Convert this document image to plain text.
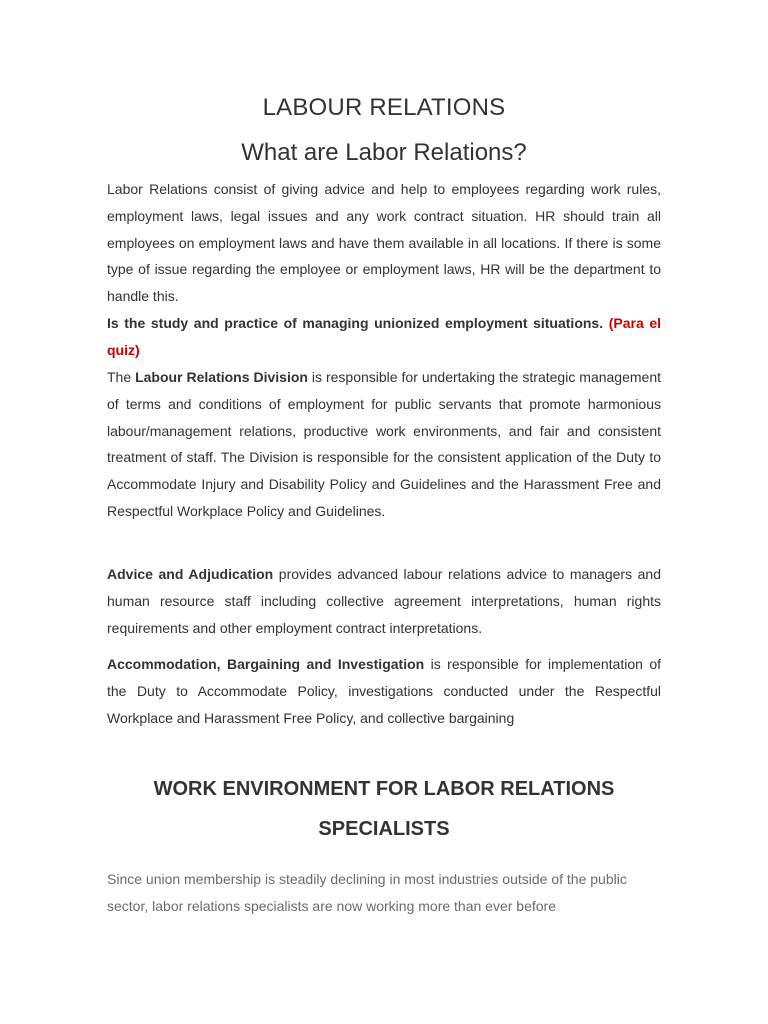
LABOUR RELATIONS
What are Labor Relations?

Labor Relations consist of giving advice and help to employees regarding work rules, employment laws, legal issues and any work contract situation. HR should train all employees on employment laws and have them available in all locations. If there is some type of issue regarding the employee or employment laws, HR will be the department to handle this.

Is the study and practice of managing unionized employment situations. (Para el quiz)

The Labour Relations Division is responsible for undertaking the strategic management of terms and conditions of employment for public servants that promote harmonious labour/management relations, productive work environments, and fair and consistent treatment of staff. The Division is responsible for the consistent application of the Duty to Accommodate Injury and Disability Policy and Guidelines and the Harassment Free and Respectful Workplace Policy and Guidelines.

Advice and Adjudication provides advanced labour relations advice to managers and human resource staff including collective agreement interpretations, human rights requirements and other employment contract interpretations.

Accommodation, Bargaining and Investigation is responsible for implementation of the Duty to Accommodate Policy, investigations conducted under the Respectful Workplace and Harassment Free Policy, and collective bargaining

WORK ENVIRONMENT FOR LABOR RELATIONS SPECIALISTS

Since union membership is steadily declining in most industries outside of the public sector, labor relations specialists are now working more than ever before
